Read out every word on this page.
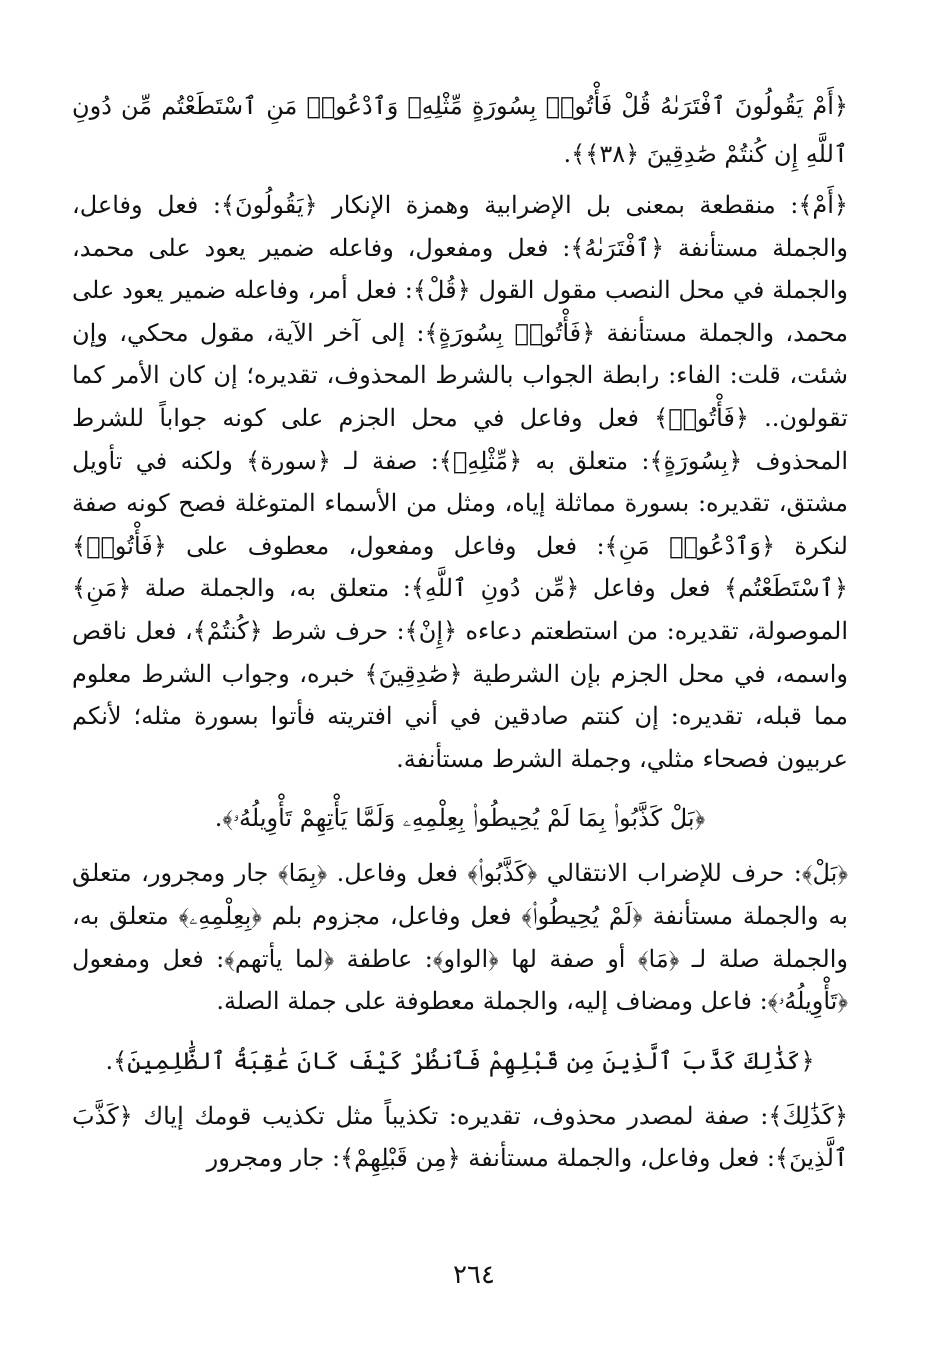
﴿أَمْ يَقُولُونَ ٱفْتَرَىٰهُ قُلْ فَأْتُوا۟ بِسُورَةٍ مِّثْلِهِۦ وَٱدْعُوا۟ مَنِ ٱسْتَطَعْتُم مِّن دُونِ ٱللَّهِ إِن كُنتُمْ صَٰدِقِينَ ﴿٣٨﴾﴾.

﴿أَمْ﴾: منقطعة بمعنى بل الإضرابية وهمزة الإنكار ﴿يَقُولُونَ﴾: فعل وفاعل، والجملة مستأنفة ﴿ٱفْتَرَىٰهُ﴾: فعل ومفعول، وفاعله ضمير يعود على محمد، والجملة في محل النصب مقول القول ﴿قُلْ﴾: فعل أمر، وفاعله ضمير يعود على محمد، والجملة مستأنفة ﴿فَأْتُوا۟ بِسُورَةٍ﴾: إلى آخر الآية، مقول محكي، وإن شئت، قلت: الفاء: رابطة الجواب بالشرط المحذوف، تقديره؛ إن كان الأمر كما تقولون.. ﴿فَأْتُوا۟﴾ فعل وفاعل في محل الجزم على كونه جواباً للشرط المحذوف ﴿بِسُورَةٍ﴾: متعلق به ﴿مِّثْلِهِۦ﴾: صفة لـ ﴿سورة﴾ ولكنه في تأويل مشتق، تقديره: بسورة مماثلة إياه، ومثل من الأسماء المتوغلة فصح كونه صفة لنكرة ﴿وَٱدْعُوا۟ مَنِ﴾: فعل وفاعل ومفعول، معطوف على ﴿فَأْتُوا۟﴾ ﴿ٱسْتَطَعْتُم﴾ فعل وفاعل ﴿مِّن دُونِ ٱللَّهِ﴾: متعلق به، والجملة صلة ﴿مَنِ﴾ الموصولة، تقديره: من استطعتم دعاءه ﴿إِنْ﴾: حرف شرط ﴿كُنتُمْ﴾، فعل ناقص واسمه، في محل الجزم بإن الشرطية ﴿صَٰدِقِينَ﴾ خبره، وجواب الشرط معلوم مما قبله، تقديره: إن كنتم صادقين في أني افتريته فأتوا بسورة مثله؛ لأنكم عربيون فصحاء مثلي، وجملة الشرط مستأنفة.

﴿بَلْ كَذَّبُوا۟ بِمَا لَمْ يُحِيطُوا۟ بِعِلْمِهِۦ وَلَمَّا يَأْتِهِمْ تَأْوِيلُهُۥ﴾.

﴿بَلْ﴾: حرف للإضراب الانتقالي ﴿كَذَّبُوا۟﴾ فعل وفاعل. ﴿بِمَا﴾ جار ومجرور، متعلق به والجملة مستأنفة ﴿لَمْ يُحِيطُوا۟﴾ فعل وفاعل، مجزوم بلم ﴿بِعِلْمِهِۦ﴾ متعلق به، والجملة صلة لـ ﴿مَا﴾ أو صفة لها ﴿الواو﴾: عاطفة ﴿لما يأتهم﴾: فعل ومفعول ﴿تَأْوِيلُهُۥ﴾: فاعل ومضاف إليه، والجملة معطوفة على جملة الصلة.

﴿كَذَٰلِكَ كَذَّبَ ٱلَّذِينَ مِن قَبْلِهِمْ فَٱنظُرْ كَيْفَ كَانَ عَٰقِبَةُ ٱلظَّٰلِمِينَ﴾.

﴿كَذَٰلِكَ﴾: صفة لمصدر محذوف، تقديره: تكذيباً مثل تكذيب قومك إياك ﴿كَذَّبَ ٱلَّذِينَ﴾: فعل وفاعل، والجملة مستأنفة ﴿مِن قَبْلِهِمْ﴾: جار ومجرور

٢٦٤
